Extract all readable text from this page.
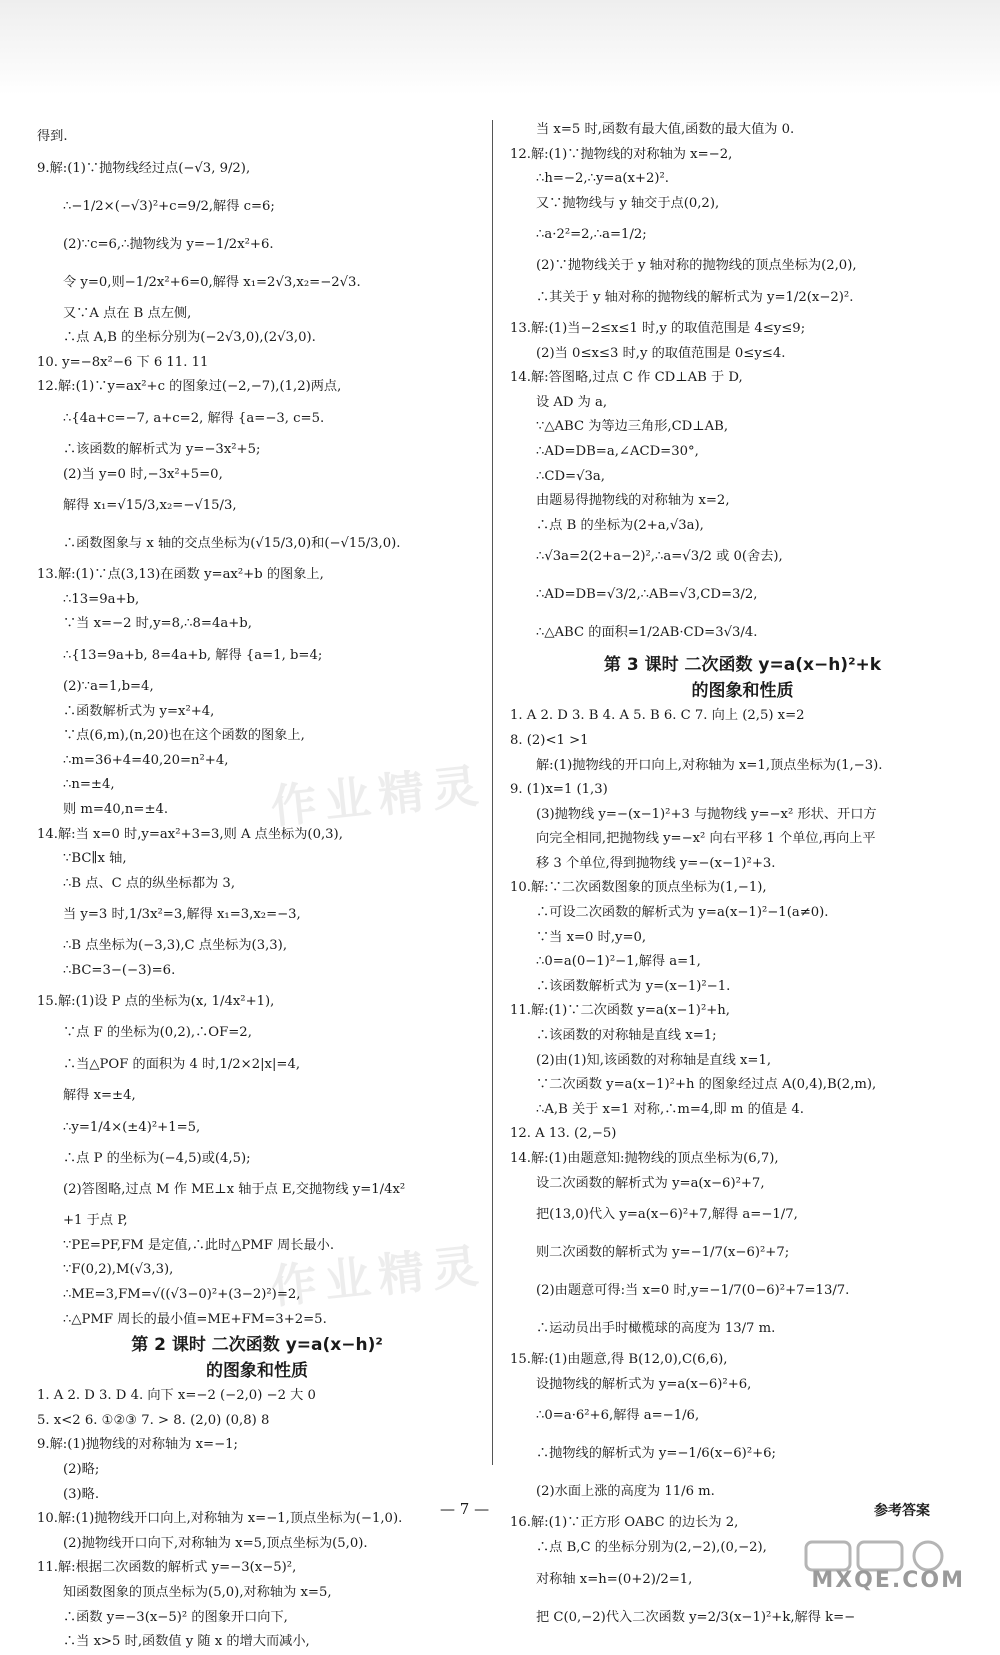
作业精灵
作业精灵
得到.
9.解:(1)∵抛物线经过点(−√3, 9/2),
∴−1/2×(−√3)²+c=9/2,解得 c=6;
(2)∵c=6,∴抛物线为 y=−1/2x²+6.
令 y=0,则−1/2x²+6=0,解得 x₁=2√3,x₂=−2√3.
又∵A 点在 B 点左侧,
∴点 A,B 的坐标分别为(−2√3,0),(2√3,0).
10. y=−8x²−6 下 6 11. 11
12.解:(1)∵y=ax²+c 的图象过(−2,−7),(1,2)两点,
∴{4a+c=−7, a+c=2, 解得 {a=−3, c=5.
∴该函数的解析式为 y=−3x²+5;
(2)当 y=0 时,−3x²+5=0,
解得 x₁=√15/3,x₂=−√15/3,
∴函数图象与 x 轴的交点坐标为(√15/3,0)和(−√15/3,0).
13.解:(1)∵点(3,13)在函数 y=ax²+b 的图象上,
∴13=9a+b,
∵当 x=−2 时,y=8,∴8=4a+b,
∴{13=9a+b, 8=4a+b, 解得 {a=1, b=4;
(2)∵a=1,b=4,
∴函数解析式为 y=x²+4,
∵点(6,m),(n,20)也在这个函数的图象上,
∴m=36+4=40,20=n²+4,
∴n=±4,
则 m=40,n=±4.
14.解:当 x=0 时,y=ax²+3=3,则 A 点坐标为(0,3),
∵BC∥x 轴,
∴B 点、C 点的纵坐标都为 3,
当 y=3 时,1/3x²=3,解得 x₁=3,x₂=−3,
∴B 点坐标为(−3,3),C 点坐标为(3,3),
∴BC=3−(−3)=6.
15.解:(1)设 P 点的坐标为(x, 1/4x²+1),
∵点 F 的坐标为(0,2),∴OF=2,
∴当△POF 的面积为 4 时,1/2×2|x|=4,
解得 x=±4,
∴y=1/4×(±4)²+1=5,
∴点 P 的坐标为(−4,5)或(4,5);
(2)答图略,过点 M 作 ME⊥x 轴于点 E,交抛物线 y=1/4x²
+1 于点 P,
∵PE=PF,FM 是定值,∴此时△PMF 周长最小.
∵F(0,2),M(√3,3),
∴ME=3,FM=√((√3−0)²+(3−2)²)=2,
∴△PMF 周长的最小值=ME+FM=3+2=5.
第 2 课时 二次函数 y=a(x−h)²
的图象和性质
1. A 2. D 3. D 4. 向下 x=−2 (−2,0) −2 大 0
5. x<2 6. ①②③ 7. > 8. (2,0) (0,8) 8
9.解:(1)抛物线的对称轴为 x=−1;
(2)略;
(3)略.
10.解:(1)抛物线开口向上,对称轴为 x=−1,顶点坐标为(−1,0).
(2)抛物线开口向下,对称轴为 x=5,顶点坐标为(5,0).
11.解:根据二次函数的解析式 y=−3(x−5)²,
知函数图象的顶点坐标为(5,0),对称轴为 x=5,
∴函数 y=−3(x−5)² 的图象开口向下,
∴当 x>5 时,函数值 y 随 x 的增大而减小,
当 x=5 时,函数有最大值,函数的最大值为 0.
12.解:(1)∵抛物线的对称轴为 x=−2,
∴h=−2,∴y=a(x+2)².
又∵抛物线与 y 轴交于点(0,2),
∴a·2²=2,∴a=1/2;
(2)∵抛物线关于 y 轴对称的抛物线的顶点坐标为(2,0),
∴其关于 y 轴对称的抛物线的解析式为 y=1/2(x−2)².
13.解:(1)当−2≤x≤1 时,y 的取值范围是 4≤y≤9;
(2)当 0≤x≤3 时,y 的取值范围是 0≤y≤4.
14.解:答图略,过点 C 作 CD⊥AB 于 D,
设 AD 为 a,
∵△ABC 为等边三角形,CD⊥AB,
∴AD=DB=a,∠ACD=30°,
∴CD=√3a,
由题易得抛物线的对称轴为 x=2,
∴点 B 的坐标为(2+a,√3a),
∴√3a=2(2+a−2)²,∴a=√3/2 或 0(舍去),
∴AD=DB=√3/2,∴AB=√3,CD=3/2,
∴△ABC 的面积=1/2AB·CD=3√3/4.
第 3 课时 二次函数 y=a(x−h)²+k
的图象和性质
1. A 2. D 3. B 4. A 5. B 6. C 7. 向上 (2,5) x=2
8. (2)<1 >1
解:(1)抛物线的开口向上,对称轴为 x=1,顶点坐标为(1,−3).
9. (1)x=1 (1,3)
(3)抛物线 y=−(x−1)²+3 与抛物线 y=−x² 形状、开口方
向完全相同,把抛物线 y=−x² 向右平移 1 个单位,再向上平
移 3 个单位,得到抛物线 y=−(x−1)²+3.
10.解:∵二次函数图象的顶点坐标为(1,−1),
∴可设二次函数的解析式为 y=a(x−1)²−1(a≠0).
∵当 x=0 时,y=0,
∴0=a(0−1)²−1,解得 a=1,
∴该函数解析式为 y=(x−1)²−1.
11.解:(1)∵二次函数 y=a(x−1)²+h,
∴该函数的对称轴是直线 x=1;
(2)由(1)知,该函数的对称轴是直线 x=1,
∵二次函数 y=a(x−1)²+h 的图象经过点 A(0,4),B(2,m),
∴A,B 关于 x=1 对称,∴m=4,即 m 的值是 4.
12. A 13. (2,−5)
14.解:(1)由题意知:抛物线的顶点坐标为(6,7),
设二次函数的解析式为 y=a(x−6)²+7,
把(13,0)代入 y=a(x−6)²+7,解得 a=−1/7,
则二次函数的解析式为 y=−1/7(x−6)²+7;
(2)由题意可得:当 x=0 时,y=−1/7(0−6)²+7=13/7.
∴运动员出手时橄榄球的高度为 13/7 m.
15.解:(1)由题意,得 B(12,0),C(6,6),
设抛物线的解析式为 y=a(x−6)²+6,
∴0=a·6²+6,解得 a=−1/6,
∴抛物线的解析式为 y=−1/6(x−6)²+6;
(2)水面上涨的高度为 11/6 m.
16.解:(1)∵正方形 OABC 的边长为 2,
∴点 B,C 的坐标分别为(2,−2),(0,−2),
对称轴 x=h=(0+2)/2=1,
把 C(0,−2)代入二次函数 y=2/3(x−1)²+k,解得 k=−
— 7 —	参考答案
MXQE.COM
